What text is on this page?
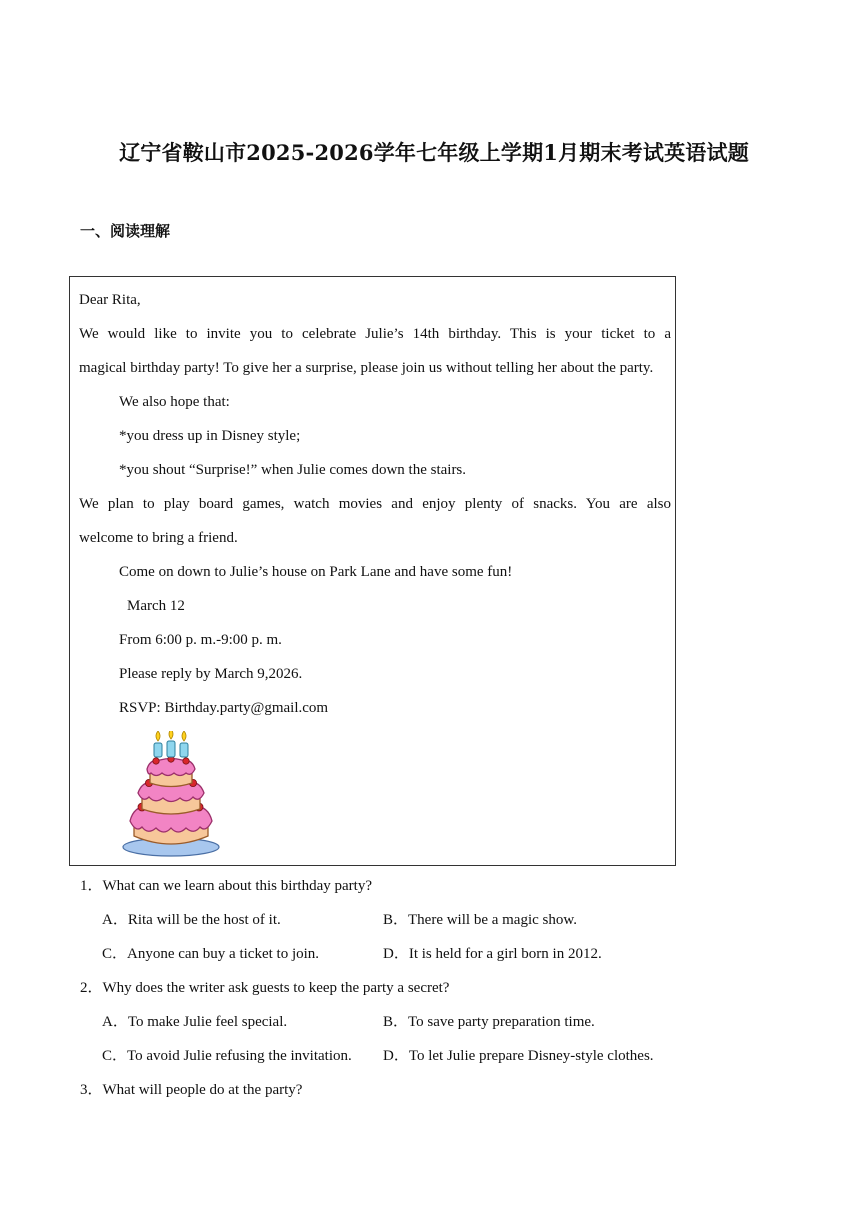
辽宁省鞍山市2025-2026学年七年级上学期1月期末考试英语试题
一、阅读理解
Dear Rita,
We would like to invite you to celebrate Julie’s 14th birthday. This is your ticket to a
magical birthday party! To give her a surprise, please join us without telling her about the party.
We also hope that:
*you dress up in Disney style;
*you shout “Surprise!” when Julie comes down the stairs.
We plan to play board games, watch movies and enjoy plenty of snacks. You are also
welcome to bring a friend.
Come on down to Julie’s house on Park Lane and have some fun!
March 12
From 6:00 p. m.-9:00 p. m.
Please reply by March 9,2026.
RSVP: Birthday.party@gmail.com
1．What can we learn about this birthday party?
A．Rita will be the host of it.	B．There will be a magic show.
C．Anyone can buy a ticket to join.	D．It is held for a girl born in 2012.
2．Why does the writer ask guests to keep the party a secret?
A．To make Julie feel special.	B．To save party preparation time.
C．To avoid Julie refusing the invitation. D．To let Julie prepare Disney-style clothes.
3．What will people do at the party?
